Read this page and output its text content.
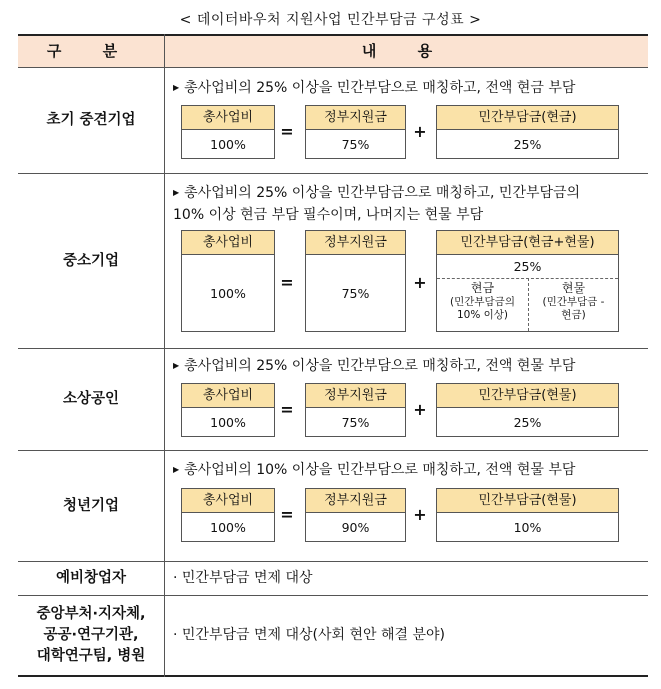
< 데이터바우처 지원사업 민간부담금 구성표 >
구 분	내 용
초기 중견기업
▶ 총사업비의 25% 이상을 민간부담으로 매칭하고, 전액 현금 부담
총사업비
100%
=
정부지원금
75%
+
민간부담금(현금)
25%
중소기업
▶ 총사업비의 25% 이상을 민간부담금으로 매칭하고, 민간부담금의
10% 이상 현금 부담 필수이며, 나머지는 현물 부담
총사업비
100%
=
정부지원금
75%
+
민간부담금(현금+현물)
25%
현금
(민간부담금의
10% 이상)
현물
(민간부담금 -
현금)
소상공인
▶ 총사업비의 25% 이상을 민간부담으로 매칭하고, 전액 현물 부담
총사업비
100%
=
정부지원금
75%
+
민간부담금(현물)
25%
청년기업
▶ 총사업비의 10% 이상을 민간부담으로 매칭하고, 전액 현물 부담
총사업비
100%
=
정부지원금
90%
+
민간부담금(현물)
10%
예비창업자	· 민간부담금 면제 대상
중앙부처·지자체,
공공·연구기관,
대학연구팀, 병원
· 민간부담금 면제 대상(사회 현안 해결 분야)
